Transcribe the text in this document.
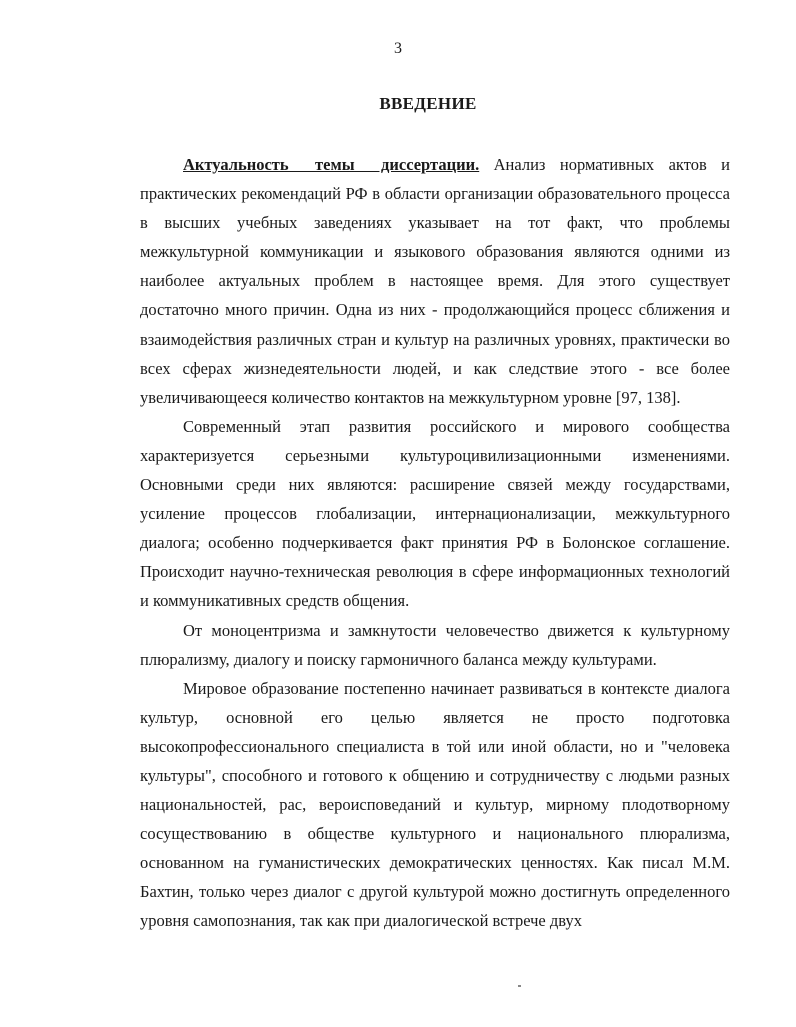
3
ВВЕДЕНИЕ

Актуальность темы диссертации. Анализ нормативных актов и практических рекомендаций РФ в области организации образовательного процесса в высших учебных заведениях указывает на тот факт, что проблемы межкультурной коммуникации и языкового образования являются одними из наиболее актуальных проблем в настоящее время. Для этого существует достаточно много причин. Одна из них - продолжающийся процесс сближения и взаимодействия различных стран и культур на различных уровнях, практически во всех сферах жизнедеятельности людей, и как следствие этого - все более увеличивающееся количество контактов на межкультурном уровне [97, 138].

Современный этап развития российского и мирового сообщества характеризуется серьезными культуроцивилизационными изменениями. Основными среди них являются: расширение связей между государствами, усиление процессов глобализации, интернационализации, межкультурного диалога; особенно подчеркивается факт принятия РФ в Болонское соглашение. Происходит научно-техническая революция в сфере информационных технологий и коммуникативных средств общения.

От моноцентризма и замкнутости человечество движется к культурному плюрализму, диалогу и поиску гармоничного баланса между культурами.

Мировое образование постепенно начинает развиваться в контексте диалога культур, основной его целью является не просто подготовка высокопрофессионального специалиста в той или иной области, но и "человека культуры", способного и готового к общению и сотрудничеству с людьми разных национальностей, рас, вероисповеданий и культур, мирному плодотворному сосуществованию в обществе культурного и национального плюрализма, основанном на гуманистических демократических ценностях. Как писал М.М. Бахтин, только через диалог с другой культурой можно достигнуть определенного уровня самопознания, так как при диалогической встрече двух
